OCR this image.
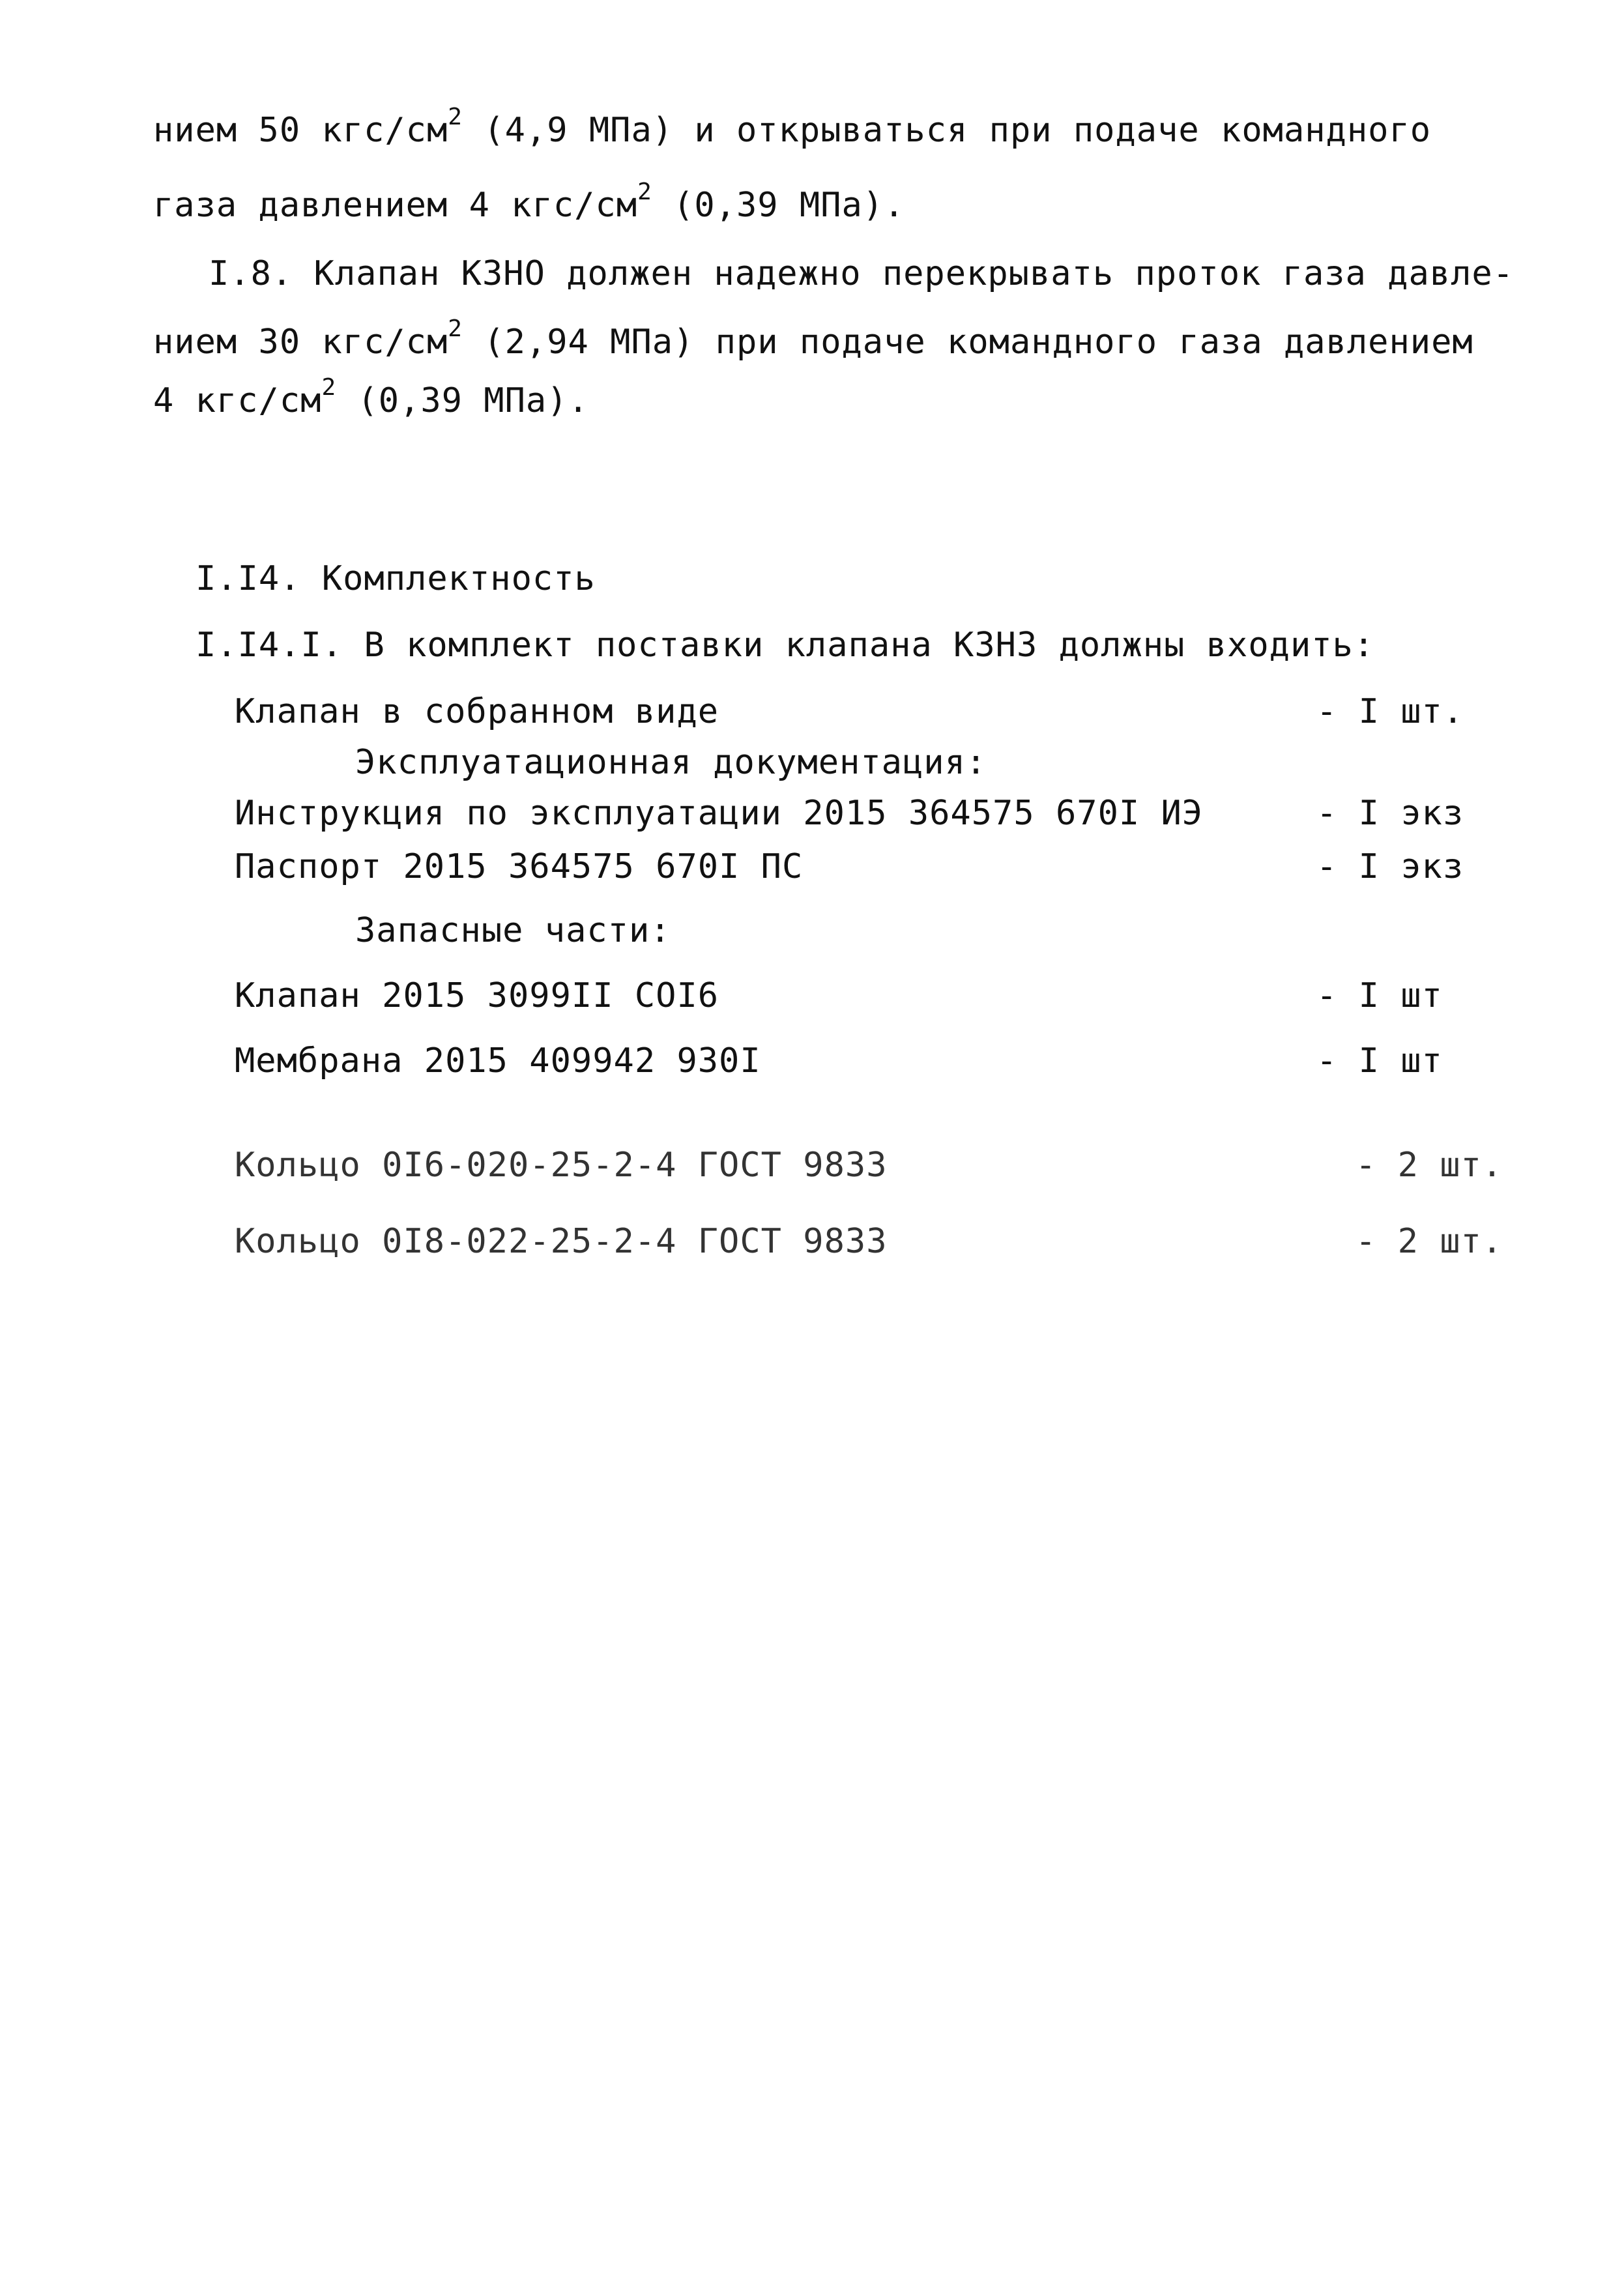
нием 50 кгс/$см^2$ (4,9 МПа) и открываться при подаче командного
газа давлением 4 кгс/$см^2$ (0,39 МПа).
I.8. Клапан КЗНО должен надежно перекрывать проток газа давле-
нием 30 кгс/$см^2$ (2,94 МПа) при подаче командного газа давлением
4 кгс/$см^2$ (0,39 МПа).
I.I4. Комплектность
I.I4.I. В комплект поставки клапана КЗНЗ должны входить:
Клапан в собранном виде	- I шт.
Эксплуатационная документация:
Инструкция по эксплуатации 2015 364575 670I ИЭ	- I экз
Паспорт 2015 364575 670I ПС	- I экз
Запасные части:
Клапан 2015 3099II COI6	- I шт
Мембрана 2015 409942 930I	- I шт
Кольцо 0I6-020-25-2-4 ГОСТ 9833	- 2 шт.
Кольцо 0I8-022-25-2-4 ГОСТ 9833	- 2 шт.
